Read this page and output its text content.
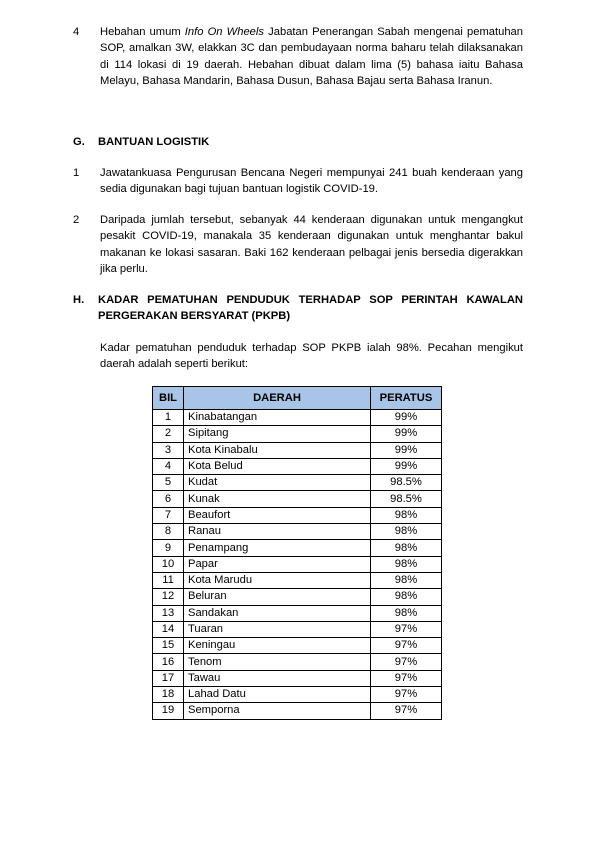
4	Hebahan umum Info On Wheels Jabatan Penerangan Sabah mengenai pematuhan SOP, amalkan 3W, elakkan 3C dan pembudayaan norma baharu telah dilaksanakan di 114 lokasi di 19 daerah. Hebahan dibuat dalam lima (5) bahasa iaitu Bahasa Melayu, Bahasa Mandarin, Bahasa Dusun, Bahasa Bajau serta Bahasa Iranun.
G. BANTUAN LOGISTIK
1	Jawatankuasa Pengurusan Bencana Negeri mempunyai 241 buah kenderaan yang sedia digunakan bagi tujuan bantuan logistik COVID-19.
2	Daripada jumlah tersebut, sebanyak 44 kenderaan digunakan untuk mengangkut pesakit COVID-19, manakala 35 kenderaan digunakan untuk menghantar bakul makanan ke lokasi sasaran. Baki 162 kenderaan pelbagai jenis bersedia digerakkan jika perlu.
H. KADAR PEMATUHAN PENDUDUK TERHADAP SOP PERINTAH KAWALAN PERGERAKAN BERSYARAT (PKPB)
Kadar pematuhan penduduk terhadap SOP PKPB ialah 98%. Pecahan mengikut daerah adalah seperti berikut:
BIL	DAERAH	PERATUS
1	Kinabatangan	99%
2	Sipitang	99%
3	Kota Kinabalu	99%
4	Kota Belud	99%
5	Kudat	98.5%
6	Kunak	98.5%
7	Beaufort	98%
8	Ranau	98%
9	Penampang	98%
10	Papar	98%
11	Kota Marudu	98%
12	Beluran	98%
13	Sandakan	98%
14	Tuaran	97%
15	Keningau	97%
16	Tenom	97%
17	Tawau	97%
18	Lahad Datu	97%
19	Semporna	97%
